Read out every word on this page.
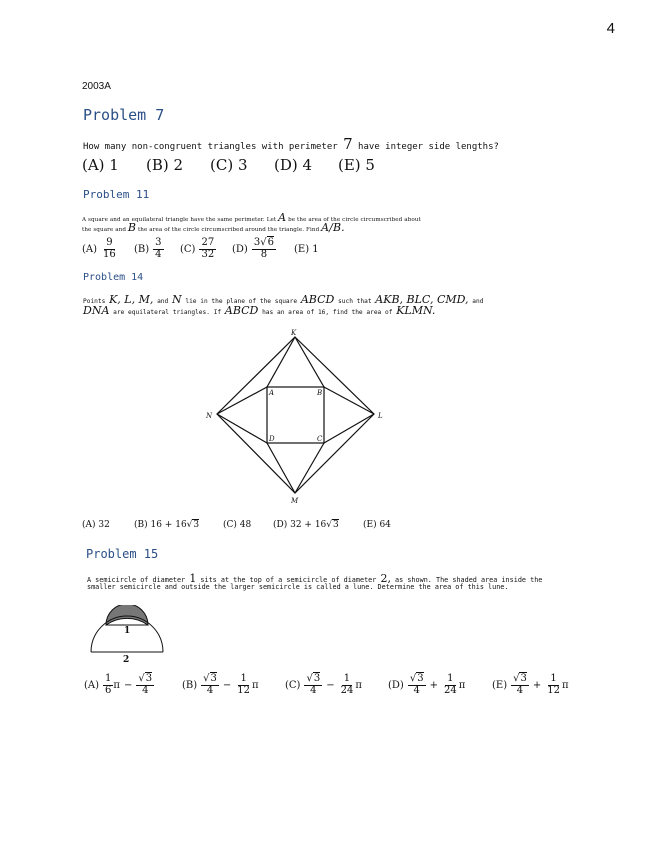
4
2003A
Problem 7
How many non-congruent triangles with perimeter 7 have integer side lengths?
(A) 1	(B) 2	(C) 3	(D) 4	(E) 5
Problem 11
A square and an equilateral triangle have the same perimeter. Let A be the area of the circle circumscribed about
the square and B the area of the circle circumscribed around the triangle. Find A/B.
$(A) \frac{9}{16} (B) \frac{3}{4} (C) \frac{27}{32} (D) \frac{3√6}{8} (E)$ 1
Problem 14
Points K, L, M, and N lie in the plane of the square ABCD such that AKB, BLC, CMD, and
DNA are equilateral triangles. If ABCD has an area of 16, find the area of KLMN.
K
L
M
N
A	B
C
D
(A) 32	(B) 16 + 16 √ 3	(C) 48	(D) 32 + 16 √ 3	(E) 64
Problem 15
A semicircle of diameter 1 sits at the top of a semicircle of diameter 2, as shown. The shaded area inside the
smaller semicircle and outside the larger semicircle is called a lune. Determine the area of this lune.
1
2
$(A) \frac{1}{6}$ $\pi - \frac{√3}{4}$	$(B) \frac{√3}{4} - \frac{1}{12}$ π	$(C) \frac{√3}{4} - \frac{1}{24}$ π	$(D) \frac{√3}{4} + \frac{1}{24}$ π	$(E) \frac{√3}{4} + \frac{1}{12}$ π
